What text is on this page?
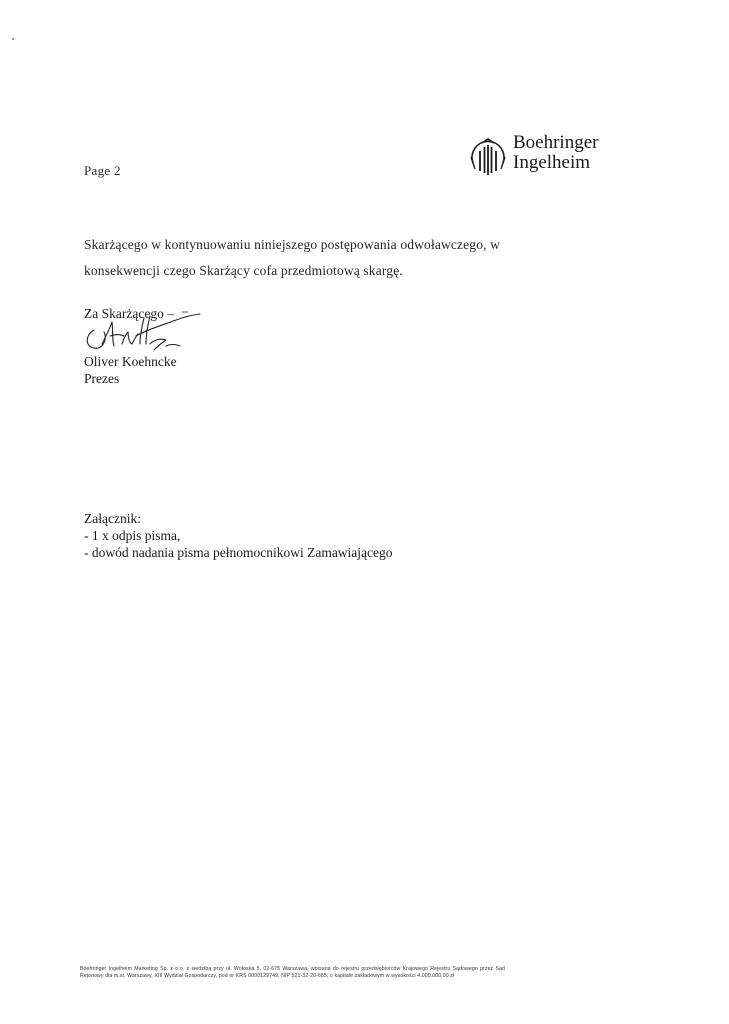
Page 2
Boehringer
Ingelheim

Skarżącego w kontynuowaniu niniejszego postępowania odwoławczego, w

konsekwencji czego Skarżący cofa przedmiotową skargę.

Za Skarżącego –
Oliver Koehncke
Prezes
Załącznik:
- 1 x odpis pisma,
- dowód nadania pisma pełnomocnikowi Zamawiającego
Boehringer Ingelheim Marketing Sp. z o.o. z siedzibą przy ul. Wołoska 5, 02-675 Warszawa, wpisana do rejestru przedsiębiorców Krajowego Rejestru Sądowego przez Sąd Rejonowy dla m.st. Warszawy, XIII Wydział Gospodarczy, pod nr KRS 0000129749, NIP 521-32-20-685, o kapitale zakładowym w wysokości 4.000.000,00 zł
